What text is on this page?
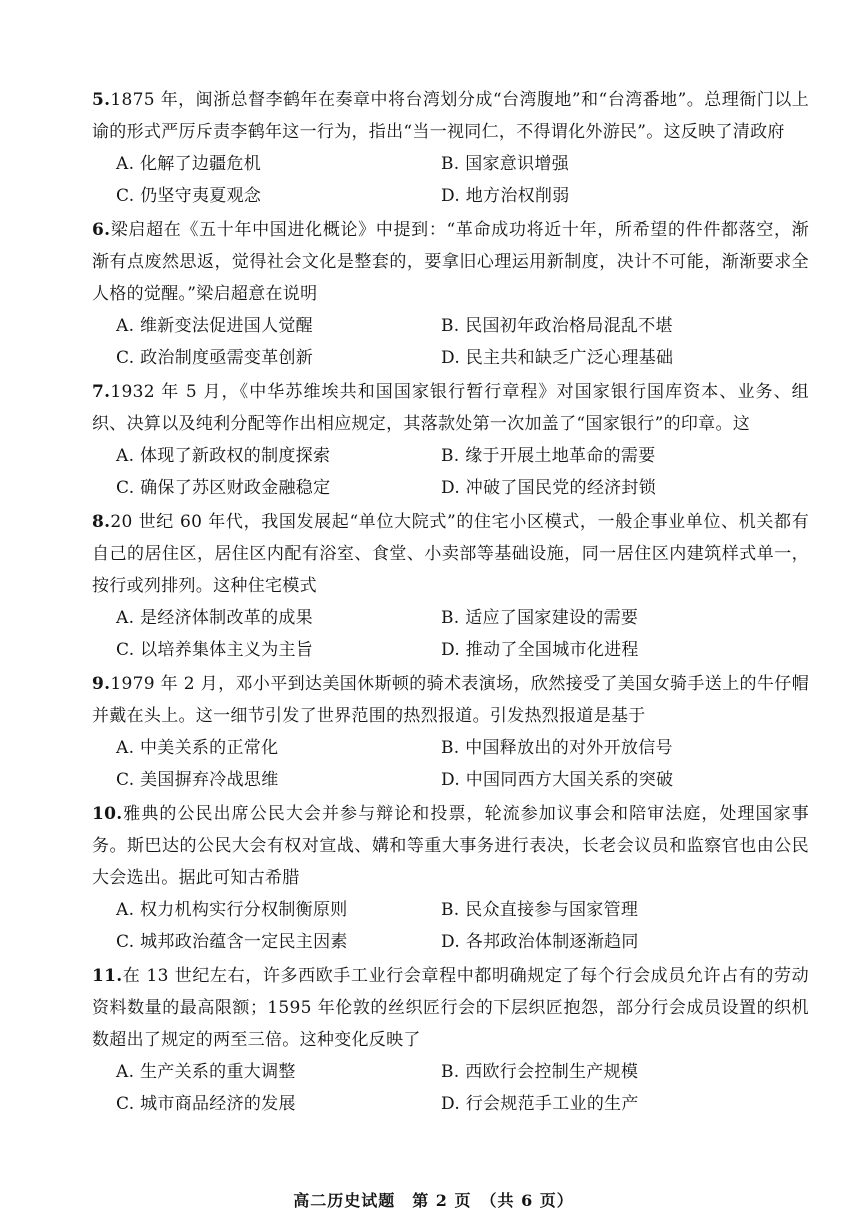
5.1875 年，闽浙总督李鹤年在奏章中将台湾划分成“台湾腹地”和“台湾番地”。总理衙门以上谕的形式严厉斥责李鹤年这一行为，指出“当一视同仁，不得谓化外游民”。这反映了清政府

A. 化解了边疆危机	B. 国家意识增强
C. 仍坚守夷夏观念	D. 地方治权削弱

6.梁启超在《五十年中国进化概论》中提到：“革命成功将近十年，所希望的件件都落空，渐渐有点废然思返，觉得社会文化是整套的，要拿旧心理运用新制度，决计不可能，渐渐要求全人格的觉醒。”梁启超意在说明

A. 维新变法促进国人觉醒	B. 民国初年政治格局混乱不堪
C. 政治制度亟需变革创新	D. 民主共和缺乏广泛心理基础

7.1932 年 5 月，《中华苏维埃共和国国家银行暂行章程》对国家银行国库资本、业务、组织、决算以及纯利分配等作出相应规定，其落款处第一次加盖了“国家银行”的印章。这

A. 体现了新政权的制度探索	B. 缘于开展土地革命的需要
C. 确保了苏区财政金融稳定	D. 冲破了国民党的经济封锁

8.20 世纪 60 年代，我国发展起“单位大院式”的住宅小区模式，一般企事业单位、机关都有自己的居住区，居住区内配有浴室、食堂、小卖部等基础设施，同一居住区内建筑样式单一，按行或列排列。这种住宅模式

A. 是经济体制改革的成果	B. 适应了国家建设的需要
C. 以培养集体主义为主旨	D. 推动了全国城市化进程

9.1979 年 2 月，邓小平到达美国休斯顿的骑术表演场，欣然接受了美国女骑手送上的牛仔帽并戴在头上。这一细节引发了世界范围的热烈报道。引发热烈报道是基于

A. 中美关系的正常化	B. 中国释放出的对外开放信号
C. 美国摒弃冷战思维	D. 中国同西方大国关系的突破

10.雅典的公民出席公民大会并参与辩论和投票，轮流参加议事会和陪审法庭，处理国家事务。斯巴达的公民大会有权对宣战、媾和等重大事务进行表决，长老会议员和监察官也由公民大会选出。据此可知古希腊

A. 权力机构实行分权制衡原则	B. 民众直接参与国家管理
C. 城邦政治蕴含一定民主因素	D. 各邦政治体制逐渐趋同

11.在 13 世纪左右，许多西欧手工业行会章程中都明确规定了每个行会成员允许占有的劳动资料数量的最高限额；1595 年伦敦的丝织匠行会的下层织匠抱怨，部分行会成员设置的织机数超出了规定的两至三倍。这种变化反映了

A. 生产关系的重大调整	B. 西欧行会控制生产规模
C. 城市商品经济的发展	D. 行会规范手工业的生产
高二历史试题　第 2 页　（共 6 页）
